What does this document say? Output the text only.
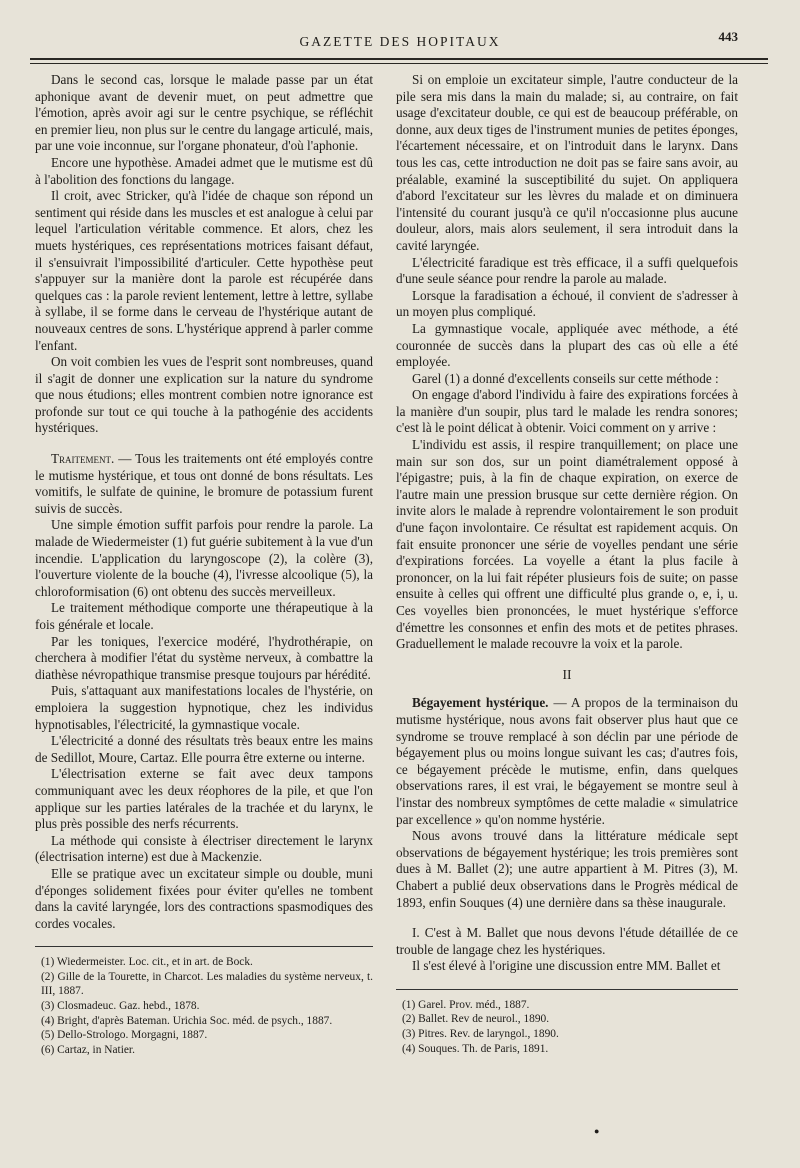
GAZETTE DES HOPITAUX	443

Dans le second cas, lorsque le malade passe par un état aphonique avant de devenir muet, on peut admettre que l'émotion, après avoir agi sur le centre psychique, se réfléchit en premier lieu, non plus sur le centre du langage articulé, mais, par une voie inconnue, sur l'organe phonateur, d'où l'aphonie.

Encore une hypothèse. Amadei admet que le mutisme est dû à l'abolition des fonctions du langage.

Il croit, avec Stricker, qu'à l'idée de chaque son répond un sentiment qui réside dans les muscles et est analogue à celui par lequel l'articulation véritable commence. Et alors, chez les muets hystériques, ces représentations motrices faisant défaut, il s'ensuivrait l'impossibilité d'articuler. Cette hypothèse peut s'appuyer sur la manière dont la parole est récupérée dans quelques cas : la parole revient lentement, lettre à lettre, syllabe à syllabe, il se forme dans le cerveau de l'hystérique autant de nouveaux centres de sons. L'hystérique apprend à parler comme l'enfant.

On voit combien les vues de l'esprit sont nombreuses, quand il s'agit de donner une explication sur la nature du syndrome que nous étudions; elles montrent combien notre ignorance est profonde sur tout ce qui touche à la pathogénie des accidents hystériques.

Traitement. — Tous les traitements ont été employés contre le mutisme hystérique, et tous ont donné de bons résultats. Les vomitifs, le sulfate de quinine, le bromure de potassium furent suivis de succès.

Une simple émotion suffit parfois pour rendre la parole. La malade de Wiedermeister (1) fut guérie subitement à la vue d'un incendie. L'application du laryngoscope (2), la colère (3), l'ouverture violente de la bouche (4), l'ivresse alcoolique (5), la chloroformisation (6) ont obtenu des succès merveilleux.

Le traitement méthodique comporte une thérapeutique à la fois générale et locale.

Par les toniques, l'exercice modéré, l'hydrothérapie, on cherchera à modifier l'état du système nerveux, à combattre la diathèse névropathique transmise presque toujours par hérédité.

Puis, s'attaquant aux manifestations locales de l'hystérie, on emploiera la suggestion hypnotique, chez les individus hypnotisables, l'électricité, la gymnastique vocale.

L'électricité a donné des résultats très beaux entre les mains de Sedillot, Moure, Cartaz. Elle pourra être externe ou interne.

L'électrisation externe se fait avec deux tampons communiquant avec les deux réophores de la pile, et que l'on applique sur les parties latérales de la trachée et du larynx, le plus près possible des nerfs récurrents.

La méthode qui consiste à électriser directement le larynx (électrisation interne) est due à Mackenzie.

Elle se pratique avec un excitateur simple ou double, muni d'éponges solidement fixées pour éviter qu'elles ne tombent dans la cavité laryngée, lors des contractions spasmodiques des cordes vocales.

(1) Wiedermeister. Loc. cit., et in art. de Bock.

(2) Gille de la Tourette, in Charcot. Les maladies du système nerveux, t. III, 1887.

(3) Closmadeuc. Gaz. hebd., 1878.

(4) Bright, d'après Bateman. Urichia Soc. méd. de psych., 1887.

(5) Dello-Strologo. Morgagni, 1887.

(6) Cartaz, in Natier.

Si on emploie un excitateur simple, l'autre conducteur de la pile sera mis dans la main du malade; si, au contraire, on fait usage d'excitateur double, ce qui est de beaucoup préférable, on donne, aux deux tiges de l'instrument munies de petites éponges, l'écartement nécessaire, et on l'introduit dans le larynx. Dans tous les cas, cette introduction ne doit pas se faire sans avoir, au préalable, examiné la susceptibilité du sujet. On appliquera d'abord l'excitateur sur les lèvres du malade et on diminuera l'intensité du courant jusqu'à ce qu'il n'occasionne plus aucune douleur, alors, mais alors seulement, il sera introduit dans la cavité laryngée.

L'électricité faradique est très efficace, il a suffi quelquefois d'une seule séance pour rendre la parole au malade.

Lorsque la faradisation a échoué, il convient de s'adresser à un moyen plus compliqué.

La gymnastique vocale, appliquée avec méthode, a été couronnée de succès dans la plupart des cas où elle a été employée.

Garel (1) a donné d'excellents conseils sur cette méthode :

On engage d'abord l'individu à faire des expirations forcées à la manière d'un soupir, plus tard le malade les rendra sonores; c'est là le point délicat à obtenir. Voici comment on y arrive :

L'individu est assis, il respire tranquillement; on place une main sur son dos, sur un point diamétralement opposé à l'épigastre; puis, à la fin de chaque expiration, on exerce de l'autre main une pression brusque sur cette dernière région. On invite alors le malade à reprendre volontairement le son produit d'une façon involontaire. Ce résultat est rapidement acquis. On fait ensuite prononcer une série de voyelles pendant une série d'expirations forcées. La voyelle a étant la plus facile à prononcer, on la lui fait répéter plusieurs fois de suite; on passe ensuite à celles qui offrent une difficulté plus grande o, e, i, u. Ces voyelles bien prononcées, le muet hystérique s'efforce d'émettre les consonnes et enfin des mots et de petites phrases. Graduellement le malade recouvre la voix et la parole.

II

Bégayement hystérique. — A propos de la terminaison du mutisme hystérique, nous avons fait observer plus haut que ce syndrome se trouve remplacé à son déclin par une période de bégayement plus ou moins longue suivant les cas; d'autres fois, ce bégayement précède le mutisme, enfin, dans quelques observations rares, il est vrai, le bégayement se montre seul à l'instar des nombreux symptômes de cette maladie « simulatrice par excellence » qu'on nomme hystérie.

Nous avons trouvé dans la littérature médicale sept observations de bégayement hystérique; les trois premières sont dues à M. Ballet (2); une autre appartient à M. Pitres (3), M. Chabert a publié deux observations dans le Progrès médical de 1893, enfin Souques (4) une dernière dans sa thèse inaugurale.

I. C'est à M. Ballet que nous devons l'étude détaillée de ce trouble de langage chez les hystériques.

Il s'est élevé à l'origine une discussion entre MM. Ballet et

(1) Garel. Prov. méd., 1887.

(2) Ballet. Rev de neurol., 1890.

(3) Pitres. Rev. de laryngol., 1890.

(4) Souques. Th. de Paris, 1891.

●
